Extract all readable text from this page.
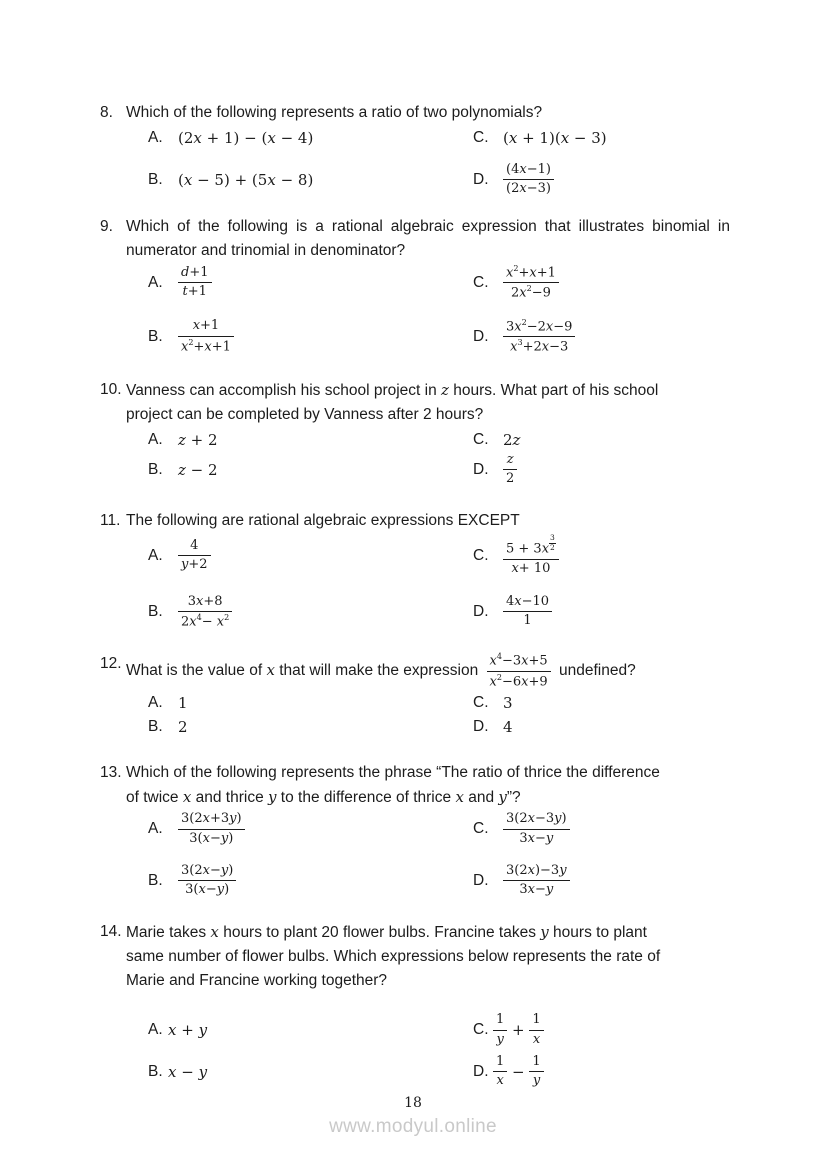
8. Which of the following represents a ratio of two polynomials?
A.	(2x + 1) − (x − 4)	C. (x + 1)(x − 3)
B.	(x − 5) + (5x − 8)	D.	$\frac{(4x-1)}{(2x-3)}$
9. Which of the following is a rational algebraic expression that illustrates binomial in numerator and trinomial in denominator?
A.	$\frac{d+1}{t+1}$	C.	$\frac{x^2+x+1}{2x^2-9}$
B.	$\frac{x+1}{x^2+x+1}$	D.	$\frac{3x^2-2x-9}{x^3+2x-3}$
10. Vanness can accomplish his school project in z hours. What part of his school
project can be completed by Vanness after 2 hours?
A.	z + 2	C. 2z
B.	z − 2	D.	$\frac{z}{2}$
11. The following are rational algebraic expressions EXCEPT
A.	$\frac{4}{y+2}$	C.	$\frac{5 + 3x \frac{3}{2}}{x+ 10}$
B.	$\frac{3x+8}{2x^4- x^2}$	D.	$\frac{4x-10}{1}$
12. What is the value of x that will make the expression $\frac{x^4-3x+5}{x^2-6x+9}$ undefined?
A.	1	C. 3
B.	2	D. 4
13. Which of the following represents the phrase “The ratio of thrice the difference
of twice x and thrice y to the difference of thrice x and y”?
A.	$\frac{3(2x+3y)}{3(x-y)}$	C.	$\frac{3(2x-3y)}{3x-y}$
B.	$\frac{3(2x-y)}{3(x-y)}$	D.	$\frac{3(2x)-3y}{3x-y}$
14. Marie takes x hours to plant 20 flower bulbs. Francine takes y hours to plant
same number of flower bulbs. Which expressions below represents the rate of
Marie and Francine working together?
A. x + y	C. $\frac{1}{y} + \frac{1}{x}$
B. x − y	D. $\frac{1}{x} - \frac{1}{y}$
18
www.modyul.online
